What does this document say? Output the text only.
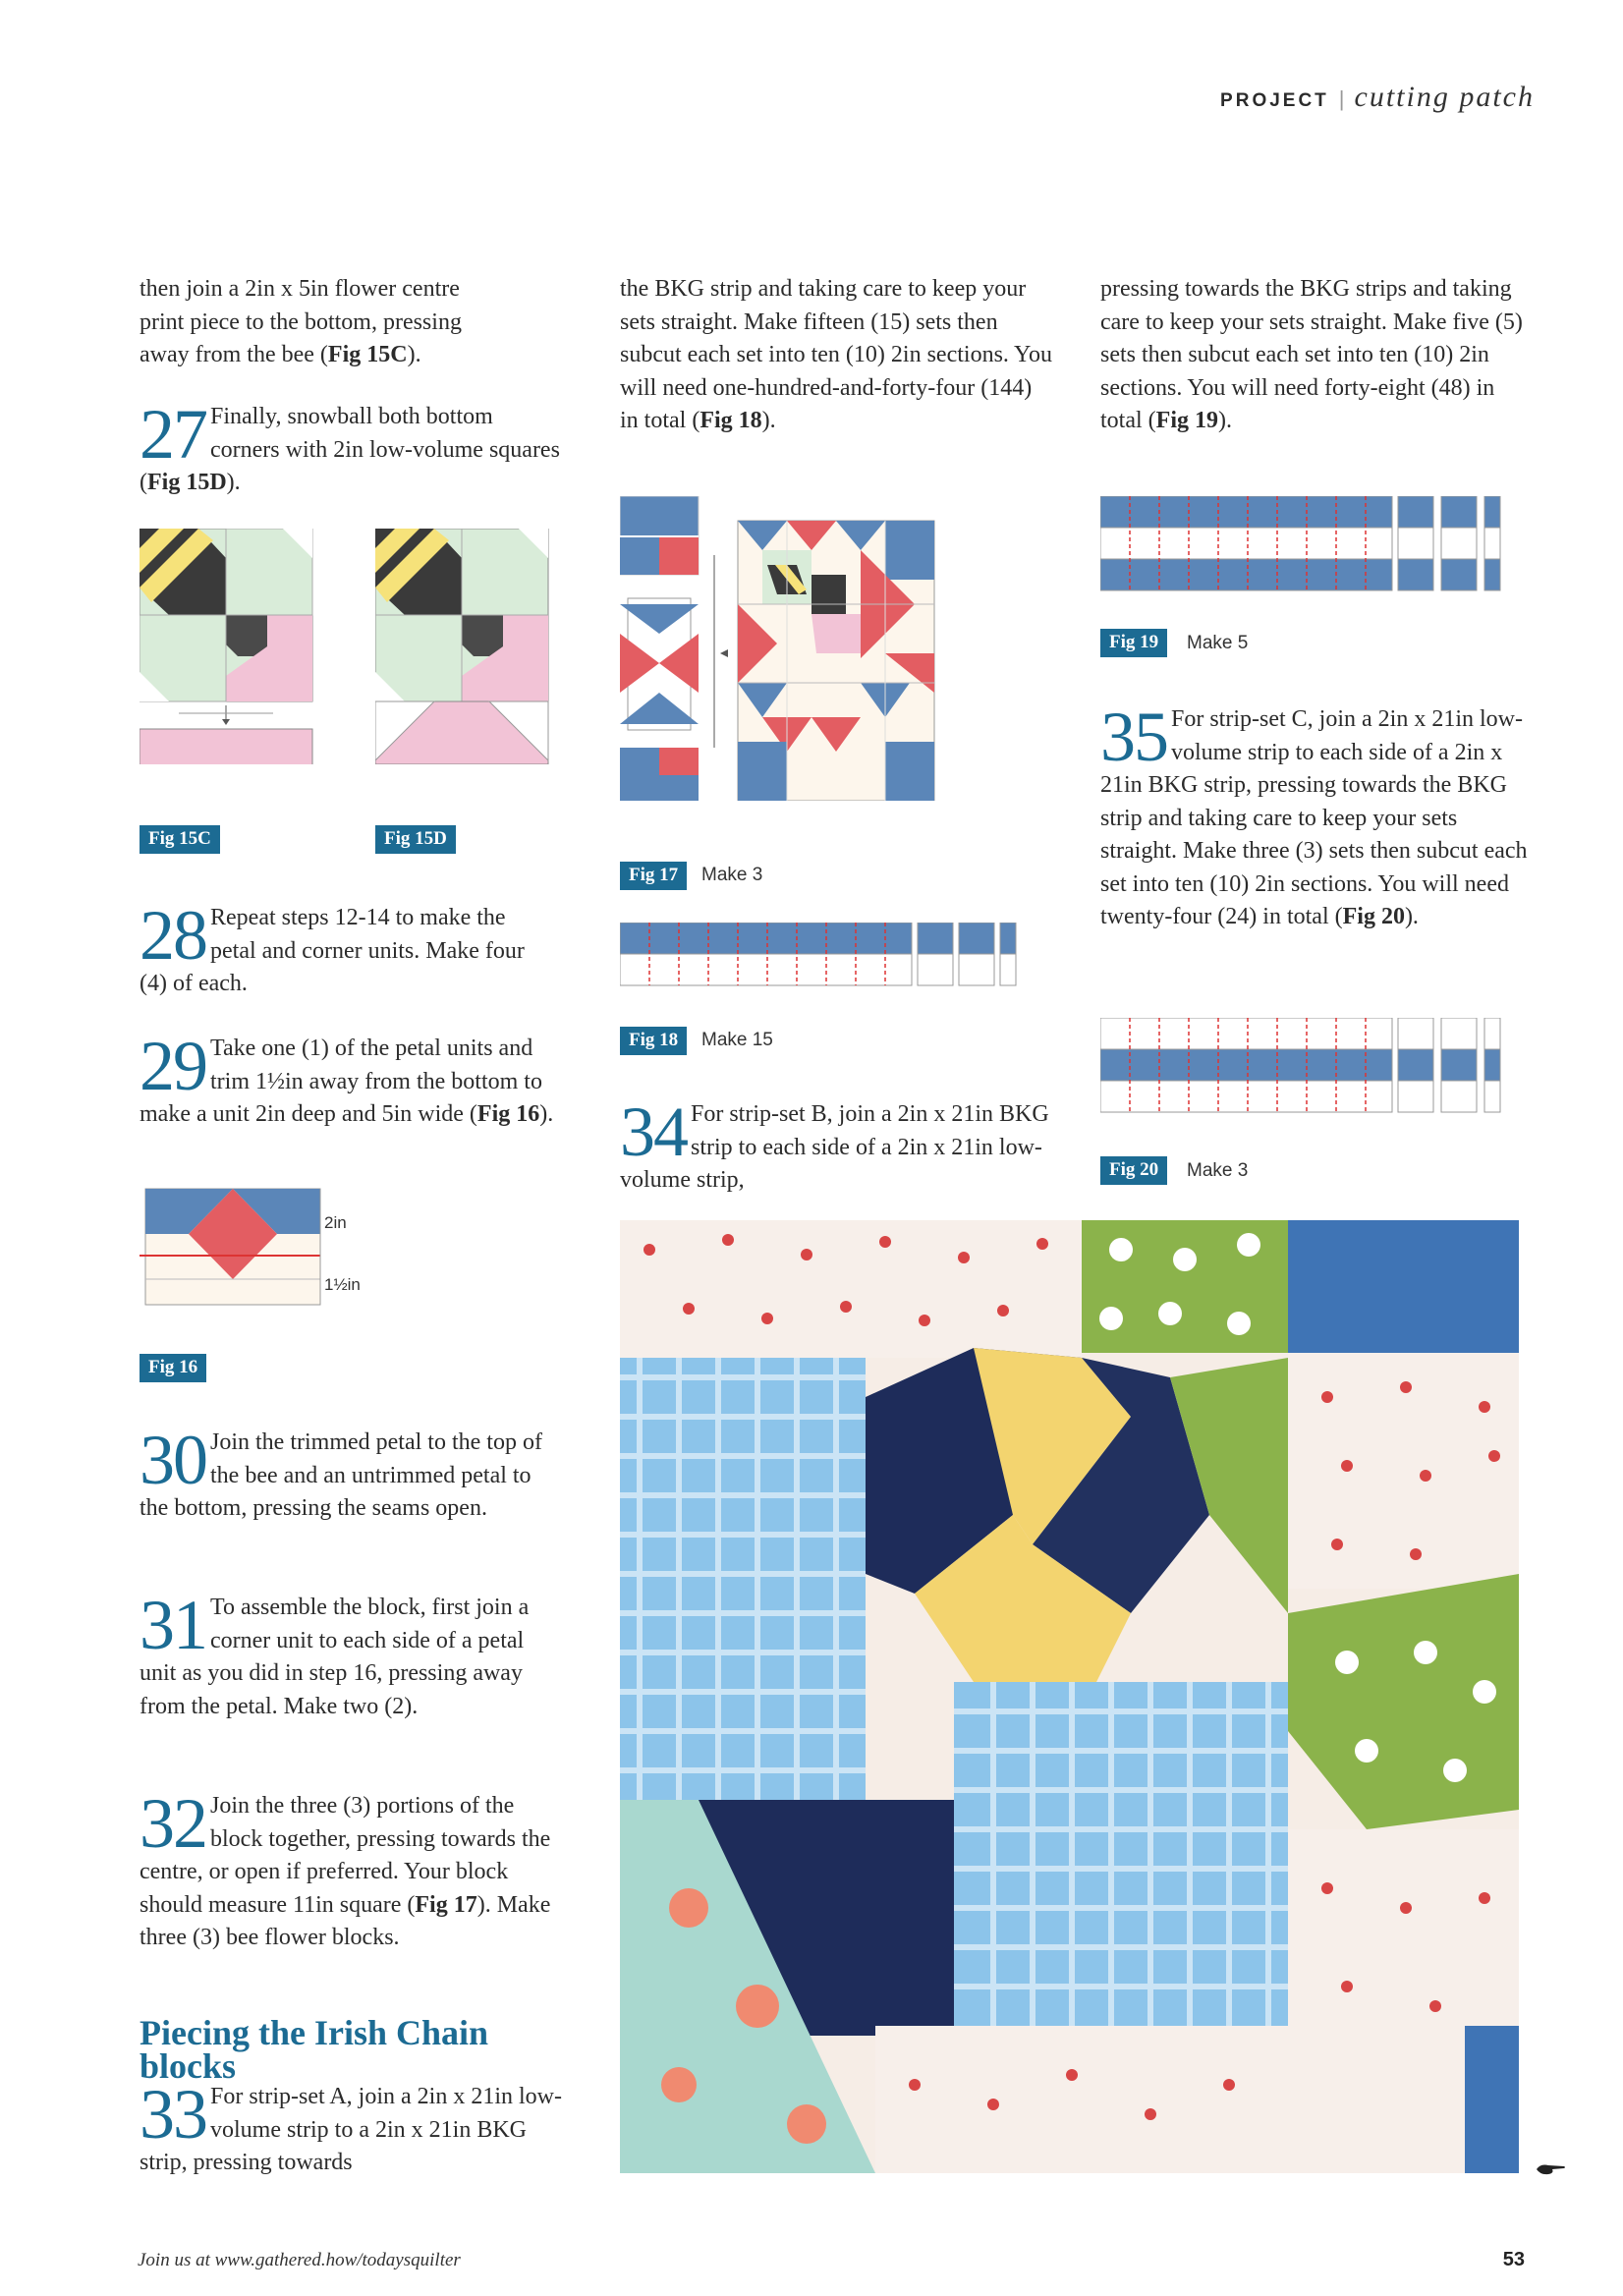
PROJECT | cutting patch

then join a 2in x 5in flower centre
print piece to the bottom, pressing
away from the bee (Fig 15C).

27 Finally, snowball both bottom corners with 2in low-volume squares (Fig 15D).

Fig 15C	Fig 15D

28 Repeat steps 12-14 to make the petal and corner units. Make four (4) of each.

29 Take one (1) of the petal units and trim 1½in away from the bottom to make a unit 2in deep and 5in wide (Fig 16).

2in
1½in
Fig 16

30 Join the trimmed petal to the top of the bee and an untrimmed petal to the bottom, pressing the seams open.

31 To assemble the block, first join a corner unit to each side of a petal unit as you did in step 16, pressing away from the petal. Make two (2).

32 Join the three (3) portions of the block together, pressing towards the centre, or open if preferred. Your block should measure 11in square (Fig 17). Make three (3) bee flower blocks.

Piecing the Irish Chain blocks

33 For strip-set A, join a 2in x 21in low-volume strip to a 2in x 21in BKG strip, pressing towards

the BKG strip and taking care to keep your sets straight. Make fifteen (15) sets then subcut each set into ten (10) 2in sections. You will need one-hundred-and-forty-four (144) in total (Fig 18).

Fig 17	Make 3
Fig 18	Make 15

34 For strip-set B, join a 2in x 21in BKG strip to each side of a 2in x 21in low-volume strip,

pressing towards the BKG strips and taking care to keep your sets straight. Make five (5) sets then subcut each set into ten (10) 2in sections. You will need forty-eight (48) in total (Fig 19).

Fig 19	Make 5

35 For strip-set C, join a 2in x 21in low-volume strip to each side of a 2in x 21in BKG strip, pressing towards the BKG strip and taking care to keep your sets straight. Make three (3) sets then subcut each set into ten (10) 2in sections. You will need twenty-four (24) in total (Fig 20).

Fig 20	Make 3
Join us at www.gathered.how/todaysquilter	53
